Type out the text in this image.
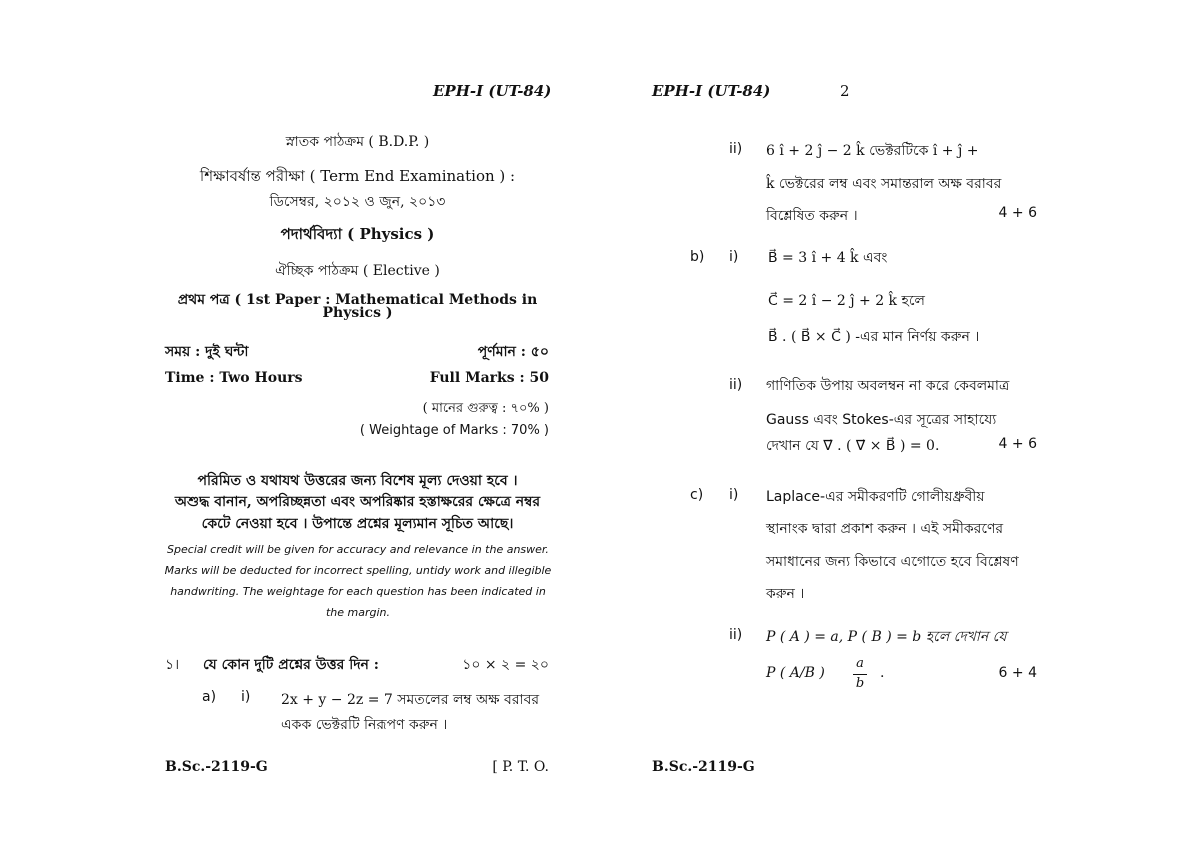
EPH-I (UT-84)
স্নাতক পাঠক্রম ( B.D.P. )
শিক্ষাবর্ষান্ত পরীক্ষা ( Term End Examination ) :
ডিসেম্বর, ২০১২ ও জুন, ২০১৩
পদার্থবিদ্যা ( Physics )
ঐচ্ছিক পাঠক্রম ( Elective )
প্রথম পত্র ( 1st Paper : Mathematical Methods in
Physics )
সময় : দুই ঘন্টা	পূর্ণমান : ৫০
Time : Two Hours	Full Marks : 50
( মানের গুরুত্ব : ৭০% )
( Weightage of Marks : 70% )
পরিমিত ও যথাযথ উত্তরের জন্য বিশেষ মূল্য দেওয়া হবে ।
অশুদ্ধ বানান, অপরিচ্ছন্নতা এবং অপরিষ্কার হস্তাক্ষরের ক্ষেত্রে নম্বর
কেটে নেওয়া হবে । উপান্তে প্রশ্নের মূল্যমান সূচিত আছে।
Special credit will be given for accuracy and relevance in the answer. Marks will be deducted for incorrect spelling, untidy work and illegible handwriting. The weightage for each question has been indicated in the margin.
১। যে কোন দুটি প্রশ্নের উত্তর দিন :	১০ × ২ = ২০
a) i) 2x + y − 2z = 7 সমতলের লম্ব অক্ষ বরাবর
একক ভেক্টরটি নিরূপণ করুন ।
B.Sc.-2119-G	[ P. T. O.
EPH-I (UT-84)	2
ii) 6 î + 2 ĵ − 2 k̂ ভেক্টরটিকে î + ĵ +
k̂ ভেক্টরের লম্ব এবং সমান্তরাল অক্ষ বরাবর
বিশ্লেষিত করুন ।	4 + 6
b) i) B⃗ = 3 î + 4 k̂ এবং
C⃗ = 2 î − 2 ĵ + 2 k̂ হলে
B⃗ . ( B⃗ × C⃗ ) -এর মান নির্ণয় করুন ।
ii) গাণিতিক উপায় অবলম্বন না করে কেবলমাত্র
Gauss এবং Stokes-এর সূত্রের সাহায্যে
দেখান যে ∇⃗ . ( ∇⃗ × B⃗ ) = 0.	4 + 6
c) i) Laplace-এর সমীকরণটি গোলীয়ধ্রুবীয়
স্থানাংক দ্বারা প্রকাশ করুন । এই সমীকরণের
সমাধানের জন্য কিভাবে এগোতে হবে বিশ্লেষণ
করুন ।
ii) P ( A ) = a, P ( B ) = b হলে দেখান যে
P ( A/B )
a
b
.	6 + 4
B.Sc.-2119-G
